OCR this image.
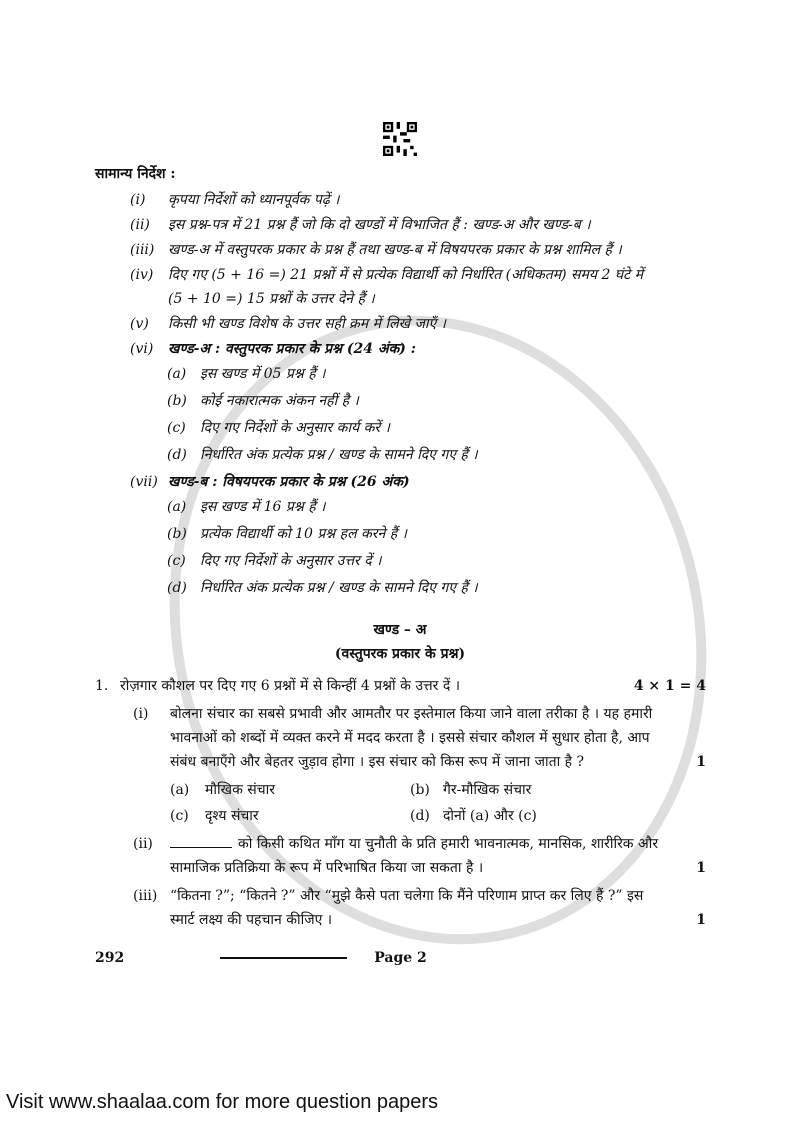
सामान्य निर्देश :
(i)	कृपया निर्देशों को ध्यानपूर्वक पढ़ें ।
(ii)	इस प्रश्न-पत्र में 21 प्रश्न हैं जो कि दो खण्डों में विभाजित हैं : खण्ड-अ और खण्ड-ब ।
(iii) खण्ड-अ में वस्तुपरक प्रकार के प्रश्न हैं तथा खण्ड-ब में विषयपरक प्रकार के प्रश्न शामिल हैं ।
(iv)	दिए गए (5 + 16 =) 21 प्रश्नों में से प्रत्येक विद्यार्थी को निर्धारित (अधिकतम) समय 2 घंटे में
(5 + 10 =) 15 प्रश्नों के उत्तर देने हैं ।
(v)	किसी भी खण्ड विशेष के उत्तर सही क्रम में लिखे जाएँ ।
(vi)	खण्ड-अ : वस्तुपरक प्रकार के प्रश्न (24 अंक) :
(a) इस खण्ड में 05 प्रश्न हैं ।
(b) कोई नकारात्मक अंकन नहीं है ।
(c)	दिए गए निर्देशों के अनुसार कार्य करें ।
(d) निर्धारित अंक प्रत्येक प्रश्न / खण्ड के सामने दिए गए हैं ।
(vii) खण्ड-ब : विषयपरक प्रकार के प्रश्न (26 अंक)
(a) इस खण्ड में 16 प्रश्न हैं ।
(b) प्रत्येक विद्यार्थी को 10 प्रश्न हल करने हैं ।
(c)	दिए गए निर्देशों के अनुसार उत्तर दें ।
(d) निर्धारित अंक प्रत्येक प्रश्न / खण्ड के सामने दिए गए हैं ।
खण्ड – अ
(वस्तुपरक प्रकार के प्रश्न)
1. रोज़गार कौशल पर दिए गए 6 प्रश्नों में से किन्हीं 4 प्रश्नों के उत्तर दें ।	4 × 1 = 4
(i)	बोलना संचार का सबसे प्रभावी और आमतौर पर इस्तेमाल किया जाने वाला तरीका है । यह हमारी
भावनाओं को शब्दों में व्यक्त करने में मदद करता है । इससे संचार कौशल में सुधार होता है, आप
संबंध बनाएँगे और बेहतर जुड़ाव होगा । इस संचार को किस रूप में जाना जाता है ?	1
(a)	मौखिक संचार	(b) गैर-मौखिक संचार
(c)	दृश्य संचार	(d) दोनों (a) और (c)
(ii)	को किसी कथित माँग या चुनौती के प्रति हमारी भावनात्मक, मानसिक, शारीरिक और
सामाजिक प्रतिक्रिया के रूप में परिभाषित किया जा सकता है ।	1
(iii) “कितना ?”; “कितने ?” और “मुझे कैसे पता चलेगा कि मैंने परिणाम प्राप्त कर लिए हैं ?” इस
स्मार्ट लक्ष्य की पहचान कीजिए ।	1
292	Page 2
Visit www.shaalaa.com for more question papers
